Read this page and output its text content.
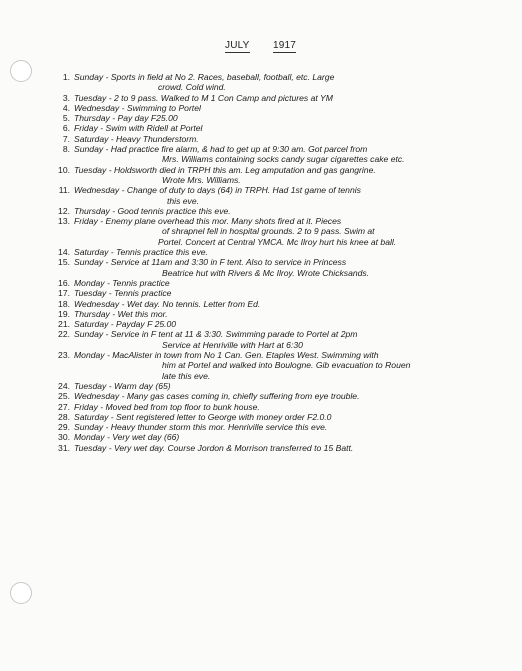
JULY 1917
1. Sunday - Sports in field at No 2. Races, baseball, football, etc. Large
crowd. Cold wind.
3. Tuesday - 2 to 9 pass. Walked to M 1 Con Camp and pictures at YM
4. Wednesday - Swimming to Portel
5. Thursday - Pay day F25.00
6. Friday - Swim with Ridell at Portel
7. Saturday - Heavy Thunderstorm.
8. Sunday - Had practice fire alarm, & had to get up at 9:30 am. Got parcel from
Mrs. Williams containing socks candy sugar cigarettes cake etc.
10. Tuesday - Holdsworth died in TRPH this am. Leg amputation and gas gangrine.
Wrote Mrs. Williams.
11. Wednesday - Change of duty to days (64) in TRPH. Had 1st game of tennis
this eve.
12. Thursday - Good tennis practice this eve.
13. Friday - Enemy plane overhead this mor. Many shots fired at it. Pieces
of shrapnel fell in hospital grounds. 2 to 9 pass. Swim at
Portel. Concert at Central YMCA. Mc Ilroy hurt his knee at ball.
14. Saturday - Tennis practice this eve.
15. Sunday - Service at 11am and 3:30 in F tent. Also to service in Princess
Beatrice hut with Rivers & Mc Ilroy. Wrote Chicksands.
16. Monday - Tennis practice
17. Tuesday - Tennis practice
18. Wednesday - Wet day. No tennis. Letter from Ed.
19. Thursday - Wet this mor.
21. Saturday - Payday F 25.00
22. Sunday - Service in F tent at 11 & 3:30. Swimming parade to Portel at 2pm
Service at Henriville with Hart at 6:30
23. Monday - MacAlister in town from No 1 Can. Gen. Etaples West. Swimming with
him at Portel and walked into Boulogne. Gib evacuation to Rouen
late this eve.
24. Tuesday - Warm day (65)
25. Wednesday - Many gas cases coming in, chiefly suffering from eye trouble.
27. Friday - Moved bed from top floor to bunk house.
28. Saturday - Sent registered letter to George with money order F2.0.0
29. Sunday - Heavy thunder storm this mor. Henriville service this eve.
30. Monday - Very wet day (66)
31. Tuesday - Very wet day. Course Jordon & Morrison transferred to 15 Batt.
